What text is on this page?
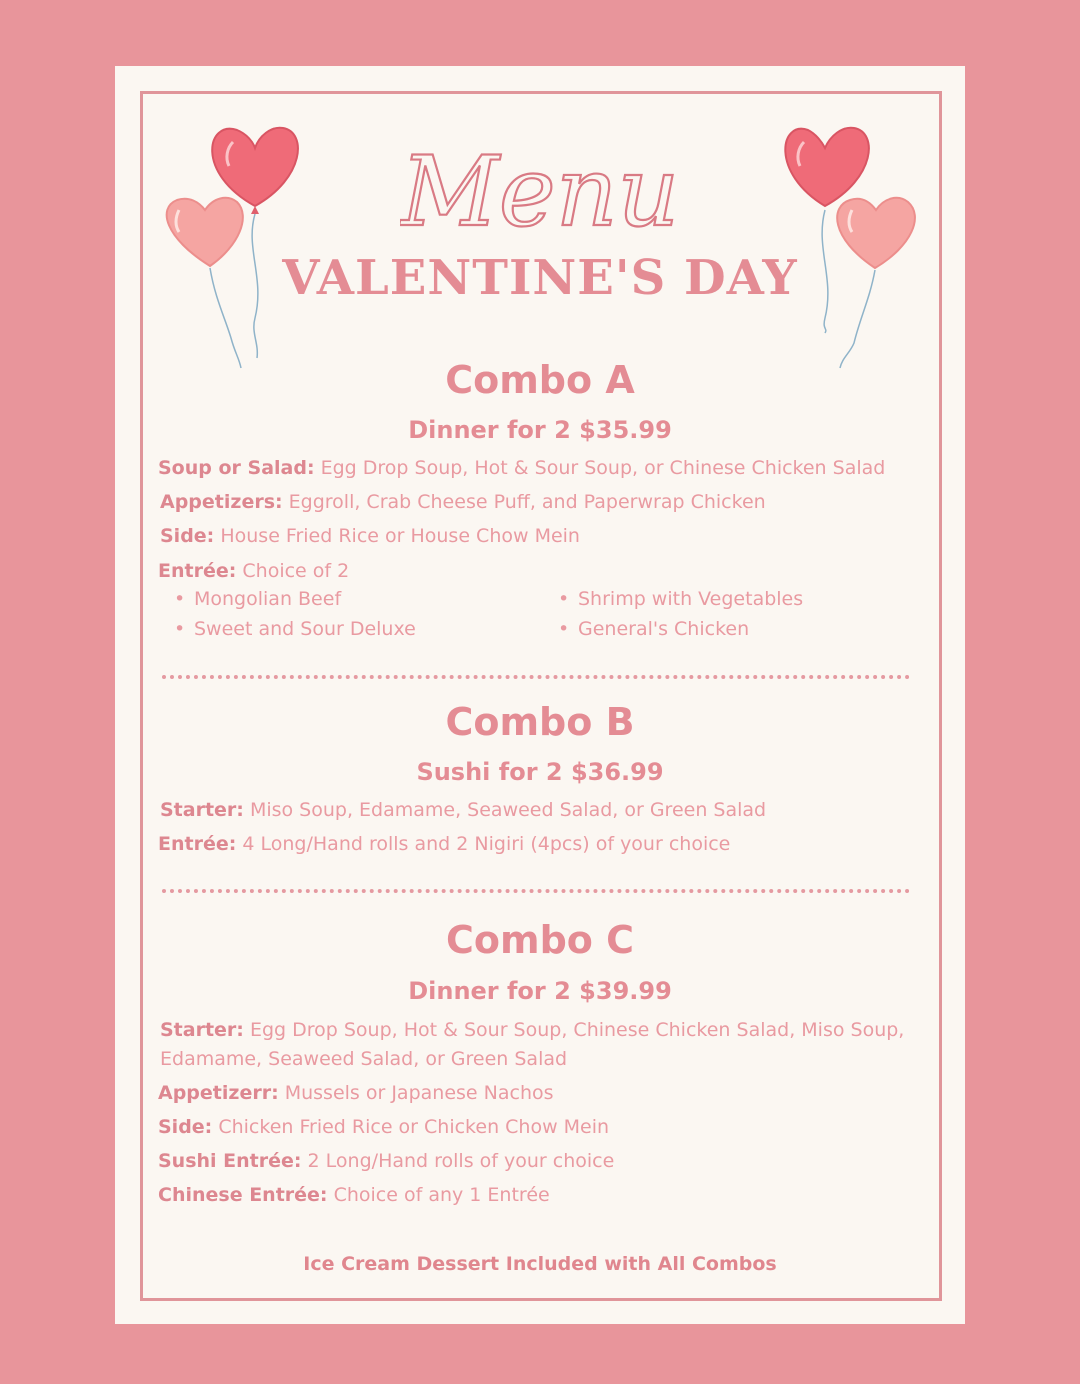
Menu
VALENTINE'S DAY
Combo A
Dinner for 2 $35.99
Soup or Salad: Egg Drop Soup, Hot & Sour Soup, or Chinese Chicken Salad
Appetizers: Eggroll, Crab Cheese Puff, and Paperwrap Chicken
Side: House Fried Rice or House Chow Mein
Entrée: Choice of 2
• Mongolian Beef
• Sweet and Sour Deluxe
• Shrimp with Vegetables
• General's Chicken
Combo B
Sushi for 2 $36.99
Starter: Miso Soup, Edamame, Seaweed Salad, or Green Salad
Entrée: 4 Long/Hand rolls and 2 Nigiri (4pcs) of your choice
Combo C
Dinner for 2 $39.99
Starter: Egg Drop Soup, Hot & Sour Soup, Chinese Chicken Salad, Miso Soup,
Edamame, Seaweed Salad, or Green Salad
Appetizerr: Mussels or Japanese Nachos
Side: Chicken Fried Rice or Chicken Chow Mein
Sushi Entrée: 2 Long/Hand rolls of your choice
Chinese Entrée: Choice of any 1 Entrée
Ice Cream Dessert Included with All Combos
